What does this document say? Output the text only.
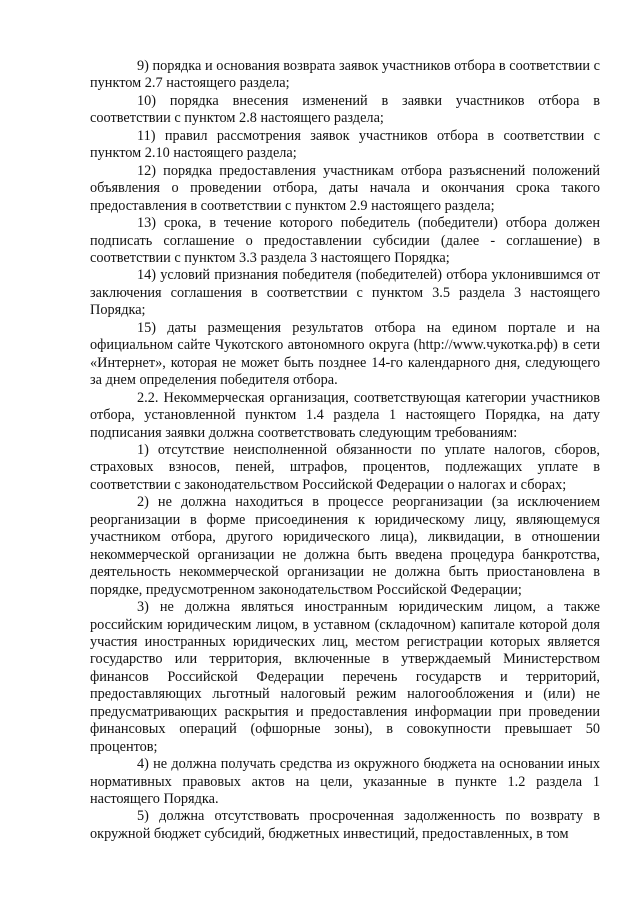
9) порядка и основания возврата заявок участников отбора в соответствии с пунктом 2.7 настоящего раздела;

10) порядка внесения изменений в заявки участников отбора в соответствии с пунктом 2.8 настоящего раздела;

11) правил рассмотрения заявок участников отбора в соответствии с пунктом 2.10 настоящего раздела;

12) порядка предоставления участникам отбора разъяснений положений объявления о проведении отбора, даты начала и окончания срока такого предоставления в соответствии с пунктом 2.9 настоящего раздела;

13) срока, в течение которого победитель (победители) отбора должен подписать соглашение о предоставлении субсидии (далее - соглашение) в соответствии с пунктом 3.3 раздела 3 настоящего Порядка;

14) условий признания победителя (победителей) отбора уклонившимся от заключения соглашения в соответствии с пунктом 3.5 раздела 3 настоящего Порядка;

15) даты размещения результатов отбора на едином портале и на официальном сайте Чукотского автономного округа (http://www.чукотка.рф) в сети «Интернет», которая не может быть позднее 14-го календарного дня, следующего за днем определения победителя отбора.

2.2. Некоммерческая организация, соответствующая категории участников отбора, установленной пунктом 1.4 раздела 1 настоящего Порядка, на дату подписания заявки должна соответствовать следующим требованиям:

1) отсутствие неисполненной обязанности по уплате налогов, сборов, страховых взносов, пеней, штрафов, процентов, подлежащих уплате в соответствии с законодательством Российской Федерации о налогах и сборах;

2) не должна находиться в процессе реорганизации (за исключением реорганизации в форме присоединения к юридическому лицу, являющемуся участником отбора, другого юридического лица), ликвидации, в отношении некоммерческой организации не должна быть введена процедура банкротства, деятельность некоммерческой организации не должна быть приостановлена в порядке, предусмотренном законодательством Российской Федерации;

3) не должна являться иностранным юридическим лицом, а также российским юридическим лицом, в уставном (складочном) капитале которой доля участия иностранных юридических лиц, местом регистрации которых является государство или территория, включенные в утверждаемый Министерством финансов Российской Федерации перечень государств и территорий, предоставляющих льготный налоговый режим налогообложения и (или) не предусматривающих раскрытия и предоставления информации при проведении финансовых операций (офшорные зоны), в совокупности превышает 50 процентов;

4) не должна получать средства из окружного бюджета на основании иных нормативных правовых актов на цели, указанные в пункте 1.2 раздела 1 настоящего Порядка.

5) должна отсутствовать просроченная задолженность по возврату в окружной бюджет субсидий, бюджетных инвестиций, предоставленных, в том
